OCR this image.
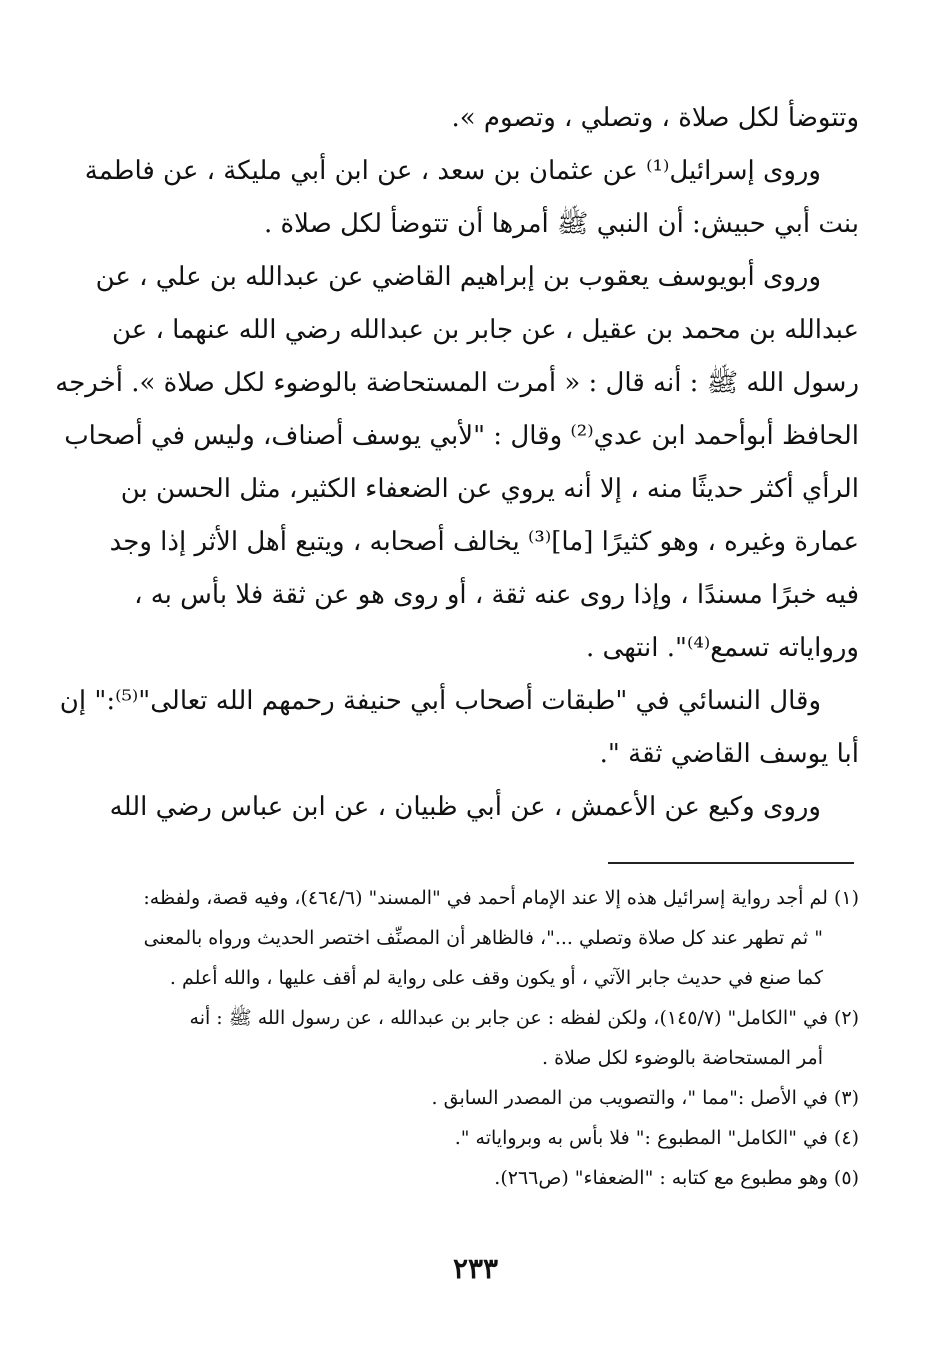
وتتوضأ لكل صلاة ، وتصلي ، وتصوم ».
وروى إسرائيل⁽¹⁾ عن عثمان بن سعد ، عن ابن أبي مليكة ، عن فاطمة
بنت أبي حبيش: أن النبي ﷺ أمرها أن تتوضأ لكل صلاة .
وروى أبويوسف يعقوب بن إبراهيم القاضي عن عبدالله بن علي ، عن
عبدالله بن محمد بن عقيل ، عن جابر بن عبدالله رضي الله عنهما ، عن
رسول الله ﷺ : أنه قال : « أمرت المستحاضة بالوضوء لكل صلاة ». أخرجه
الحافظ أبوأحمد ابن عدي⁽²⁾ وقال : "لأبي يوسف أصناف، وليس في أصحاب
الرأي أكثر حديثًا منه ، إلا أنه يروي عن الضعفاء الكثير، مثل الحسن بن
عمارة وغيره ، وهو كثيرًا [ما]⁽³⁾ يخالف أصحابه ، ويتبع أهل الأثر إذا وجد
فيه خبرًا مسندًا ، وإذا روى عنه ثقة ، أو روى هو عن ثقة فلا بأس به ،
ورواياته تسمع⁽⁴⁾". انتهى .
وقال النسائي في "طبقات أصحاب أبي حنيفة رحمهم الله تعالى"⁽⁵⁾:" إن
أبا يوسف القاضي ثقة ".
وروى وكيع عن الأعمش ، عن أبي ظبيان ، عن ابن عباس رضي الله
(١) لم أجد رواية إسرائيل هذه إلا عند الإمام أحمد في "المسند" (٤٦٤/٦)، وفيه قصة، ولفظه:
" ثم تطهر عند كل صلاة وتصلي ..."، فالظاهر أن المصنِّف اختصر الحديث ورواه بالمعنى
كما صنع في حديث جابر الآتي ، أو يكون وقف على رواية لم أقف عليها ، والله أعلم .
(٢) في "الكامل" (١٤٥/٧)، ولكن لفظه : عن جابر بن عبدالله ، عن رسول الله ﷺ : أنه
أمر المستحاضة بالوضوء لكل صلاة .
(٣) في الأصل :"مما "، والتصويب من المصدر السابق .
(٤) في "الكامل" المطبوع :" فلا بأس به وبرواياته ".
(٥) وهو مطبوع مع كتابه : "الضعفاء" (ص٢٦٦).
٢٣٣
